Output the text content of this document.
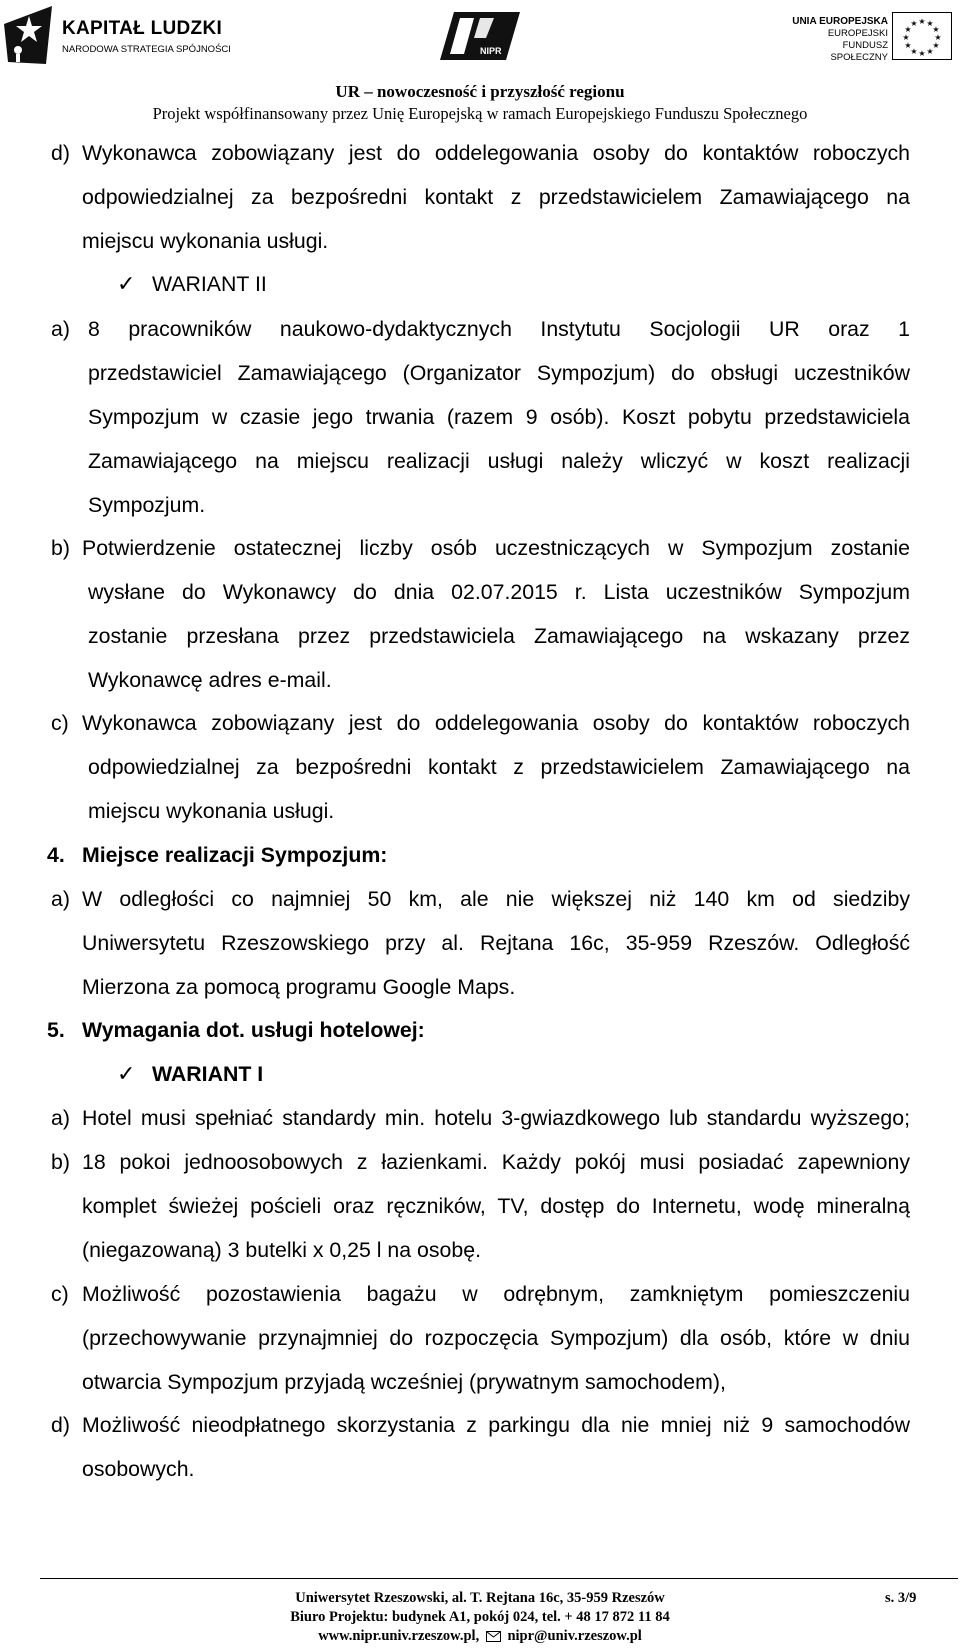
KAPITAŁ LUDZKI
NARODOWA STRATEGIA SPÓJNOŚCI	NIPR
UNIA EUROPEJSKA
EUROPEJSKI
FUNDUSZ SPOŁECZNY
★ ★
★
★
★
★
★
★
★
★
★
★
UR – nowoczesność i przyszłość regionu
Projekt współfinansowany przez Unię Europejską w ramach Europejskiego Funduszu Społecznego
d) Wykonawca zobowiązany jest do oddelegowania osoby do kontaktów roboczych
odpowiedzialnej za bezpośredni kontakt z przedstawicielem Zamawiającego na
miejscu wykonania usługi.
✓ WARIANT II
a) 8 pracowników naukowo-dydaktycznych Instytutu Socjologii UR oraz 1
przedstawiciel Zamawiającego (Organizator Sympozjum) do obsługi uczestników
Sympozjum w czasie jego trwania (razem 9 osób). Koszt pobytu przedstawiciela
Zamawiającego na miejscu realizacji usługi należy wliczyć w koszt realizacji
Sympozjum.
b) Potwierdzenie ostatecznej liczby osób uczestniczących w Sympozjum zostanie
wysłane do Wykonawcy do dnia 02.07.2015 r. Lista uczestników Sympozjum
zostanie przesłana przez przedstawiciela Zamawiającego na wskazany przez
Wykonawcę adres e-mail.
c) Wykonawca zobowiązany jest do oddelegowania osoby do kontaktów roboczych
odpowiedzialnej za bezpośredni kontakt z przedstawicielem Zamawiającego na
miejscu wykonania usługi.
4. Miejsce realizacji Sympozjum:
a) W odległości co najmniej 50 km, ale nie większej niż 140 km od siedziby
Uniwersytetu Rzeszowskiego przy al. Rejtana 16c, 35-959 Rzeszów. Odległość
Mierzona za pomocą programu Google Maps.
5. Wymagania dot. usługi hotelowej:
✓ WARIANT I
a) Hotel musi spełniać standardy min. hotelu 3-gwiazdkowego lub standardu wyższego;
b) 18 pokoi jednoosobowych z łazienkami. Każdy pokój musi posiadać zapewniony
komplet świeżej pościeli oraz ręczników, TV, dostęp do Internetu, wodę mineralną
(niegazowaną) 3 butelki x 0,25 l na osobę.
c) Możliwość pozostawienia bagażu w odrębnym, zamkniętym pomieszczeniu
(przechowywanie przynajmniej do rozpoczęcia Sympozjum) dla osób, które w dniu
otwarcia Sympozjum przyjadą wcześniej (prywatnym samochodem),
d) Możliwość nieodpłatnego skorzystania z parkingu dla nie mniej niż 9 samochodów
osobowych.
Uniwersytet Rzeszowski, al. T. Rejtana 16c, 35-959 Rzeszów
Biuro Projektu: budynek A1, pokój 024, tel. + 48 17 872 11 84
www.nipr.univ.rzeszow.pl, nipr@univ.rzeszow.pl
s. 3/9
